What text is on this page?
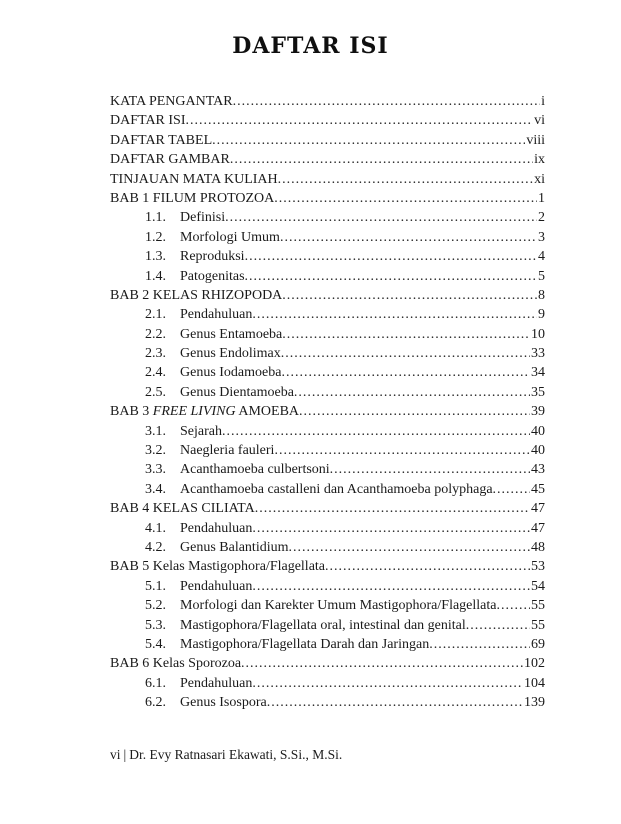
DAFTAR ISI
KATA PENGANTAR .....	i
DAFTAR ISI .....	vi
DAFTAR TABEL .....	viii
DAFTAR GAMBAR .....	ix
TINJAUAN MATA KULIAH .....	xi
BAB 1 FILUM PROTOZOA .....	1
1.1.	Definisi .....	2
1.2.	Morfologi Umum .....	3
1.3.	Reproduksi .....	4
1.4.	Patogenitas .....	5
BAB 2 KELAS RHIZOPODA .....	8
2.1.	Pendahuluan .....	9
2.2.	Genus Entamoeba .....	10
2.3.	Genus Endolimax .....	33
2.4.	Genus Iodamoeba .....	34
2.5.	Genus Dientamoeba .....	35
BAB 3 FREE LIVING AMOEBA .....	39
3.1.	Sejarah .....	40
3.2.	Naegleria fauleri .....	40
3.3.	Acanthamoeba culbertsoni .....	43
3.4.	Acanthamoeba castalleni dan Acanthamoeba polyphaga .....	45
BAB 4 KELAS CILIATA .....	47
4.1.	Pendahuluan .....	47
4.2.	Genus Balantidium .....	48
BAB 5 Kelas Mastigophora/Flagellata .....	53
5.1.	Pendahuluan .....	54
5.2.	Morfologi dan Karekter Umum Mastigophora/Flagellata ..... 55
5.3.	Mastigophora/Flagellata oral, intestinal dan genital .....	55
5.4.	Mastigophora/Flagellata Darah dan Jaringan .....	69
BAB 6 Kelas Sporozoa .....	102
6.1.	Pendahuluan .....	104
6.2.	Genus Isospora .....	139
vi | Dr. Evy Ratnasari Ekawati, S.Si., M.Si.
